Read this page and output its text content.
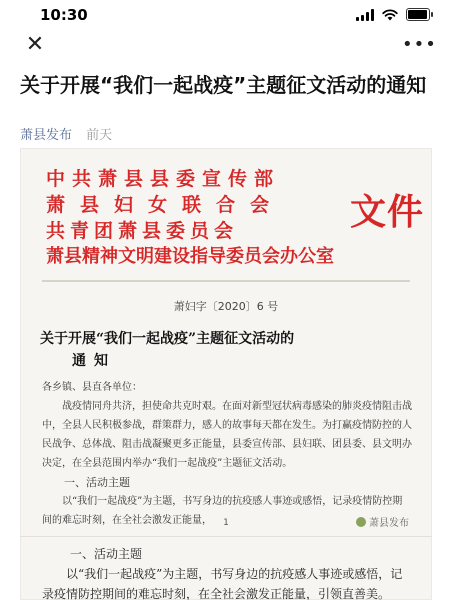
10:30
✕	•••
关于开展“我们一起战疫”主题征文活动的通知
萧县发布 前天
中共萧县县委宣传部
萧县妇女联合会
共青团萧县委员会
萧县精神文明建设指导委员会办公室
文件
萧妇字〔2020〕6 号
关于开展“我们一起战疫”主题征文活动的
通知

各乡镇、县直各单位：

战疫情同舟共济，担使命共克时艰。在面对新型冠状病毒感染的肺炎疫情阻击战中，全县人民积极参战，群策群力，感人的故事每天都在发生。为打赢疫情防控的人民战争、总体战、阻击战凝聚更多正能量，县委宣传部、县妇联、团县委、县文明办决定，在全县范围内举办“我们一起战疫”主题征文活动。

一、活动主题

以“我们一起战疫”为主题，书写身边的抗疫感人事迹或感悟，记录疫情防控期间的难忘时刻，在全社会激发正能量，	1	萧县发布

一、活动主题

以“我们一起战疫”为主题，书写身边的抗疫感人事迹或感悟，记录疫情防控期间的难忘时刻，在全社会激发正能量，引领直善美。
